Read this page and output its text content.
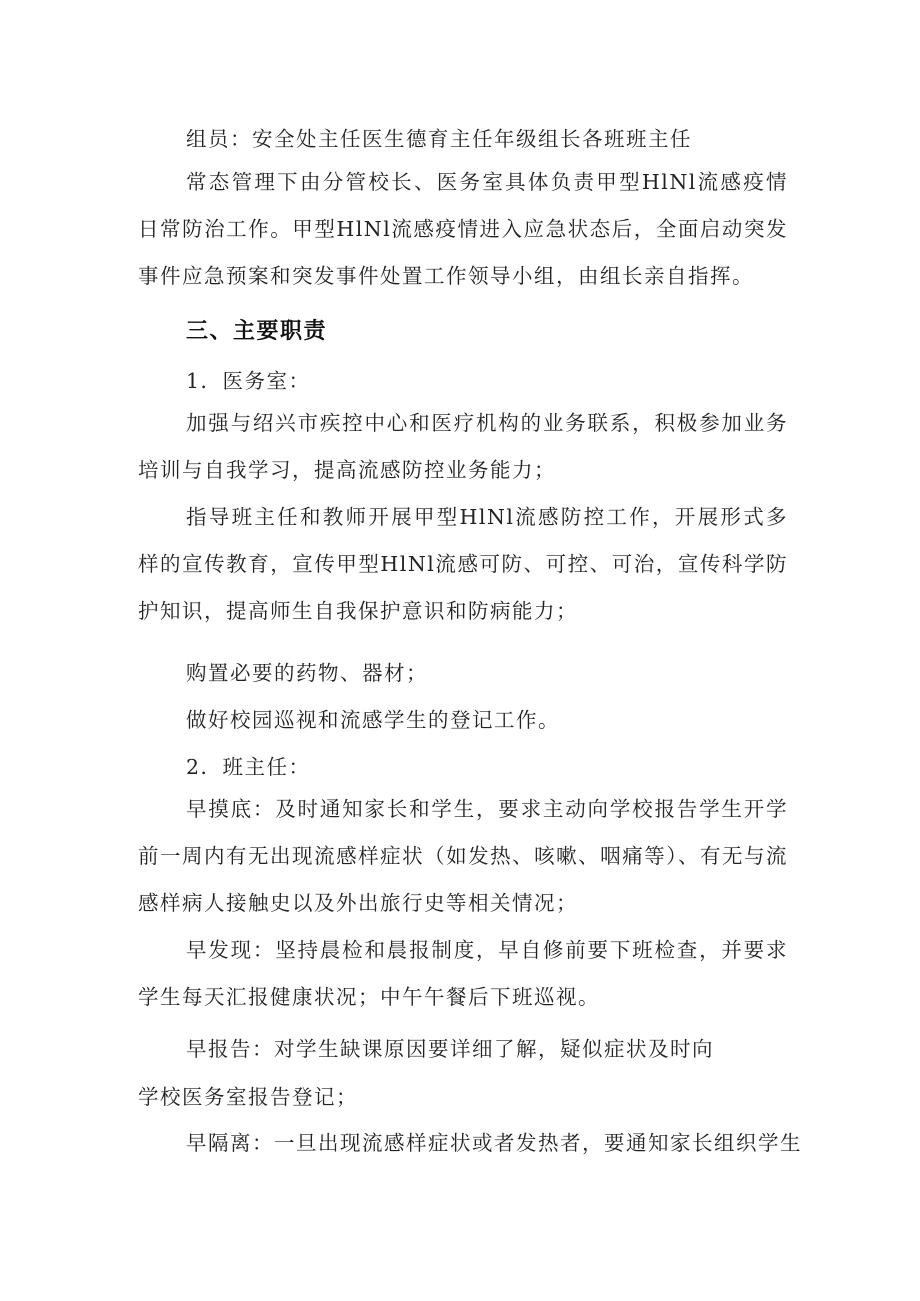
组员：安全处主任医生德育主任年级组长各班班主任
常态管理下由分管校长、医务室具体负责甲型HlNl流感疫情日常防治工作。甲型HlNl流感疫情进入应急状态后，全面启动突发事件应急预案和突发事件处置工作领导小组，由组长亲自指挥。
三、主要职责
1．医务室：
加强与绍兴市疾控中心和医疗机构的业务联系，积极参加业务培训与自我学习，提高流感防控业务能力；
指导班主任和教师开展甲型HlNl流感防控工作，开展形式多样的宣传教育，宣传甲型HlNl流感可防、可控、可治，宣传科学防护知识，提高师生自我保护意识和防病能力；
购置必要的药物、器材；
做好校园巡视和流感学生的登记工作。
2．班主任：
早摸底：及时通知家长和学生，要求主动向学校报告学生开学前一周内有无出现流感样症状（如发热、咳嗽、咽痛等）、有无与流感样病人接触史以及外出旅行史等相关情况；
早发现：坚持晨检和晨报制度，早自修前要下班检查，并要求学生每天汇报健康状况；中午午餐后下班巡视。
早报告：对学生缺课原因要详细了解，疑似症状及时向
学校医务室报告登记；
早隔离：一旦出现流感样症状或者发热者，要通知家长组织学生
